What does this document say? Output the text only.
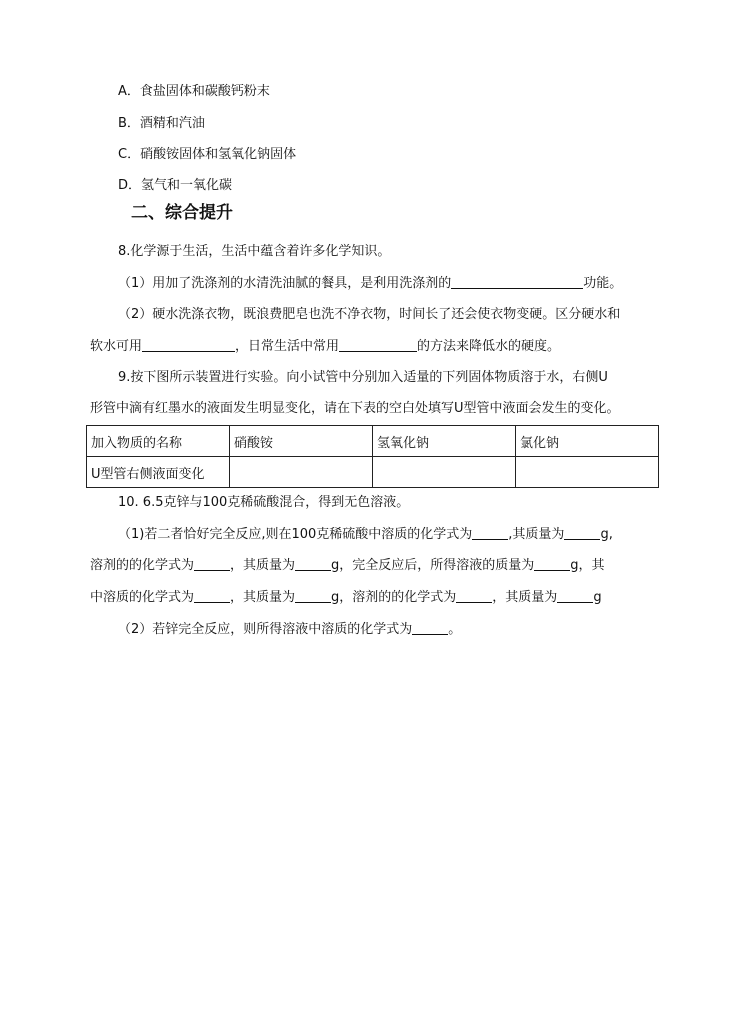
A．食盐固体和碳酸钙粉末
B．酒精和汽油
C．硝酸铵固体和氢氧化钠固体
D．氢气和一氧化碳
二、综合提升
8.化学源于生活，生活中蕴含着许多化学知识。
（1）用加了洗涤剂的水清洗油腻的餐具，是利用洗涤剂的	功能。
（2）硬水洗涤衣物，既浪费肥皂也洗不净衣物，时间长了还会使衣物变硬。区分硬水和
软水可用	，日常生活中常用	的方法来降低水的硬度。
9.按下图所示装置进行实验。向小试管中分别加入适量的下列固体物质溶于水，右侧U
形管中滴有红墨水的液面发生明显变化，请在下表的空白处填写U型管中液面会发生的变化。
加入物质的名称	硝酸铵	氢氧化钠	氯化钠
U型管右侧液面变化			
10. 6.5克锌与100克稀硫酸混合，得到无色溶液。
（1)若二者恰好完全反应,则在100克稀硫酸中溶质的化学式为	,其质量为	g,
溶剂的的化学式为	，其质量为	g，完全反应后，所得溶液的质量为	g，其
中溶质的化学式为	，其质量为	g，溶剂的的化学式为	，其质量为	g
（2）若锌完全反应，则所得溶液中溶质的化学式为	。
